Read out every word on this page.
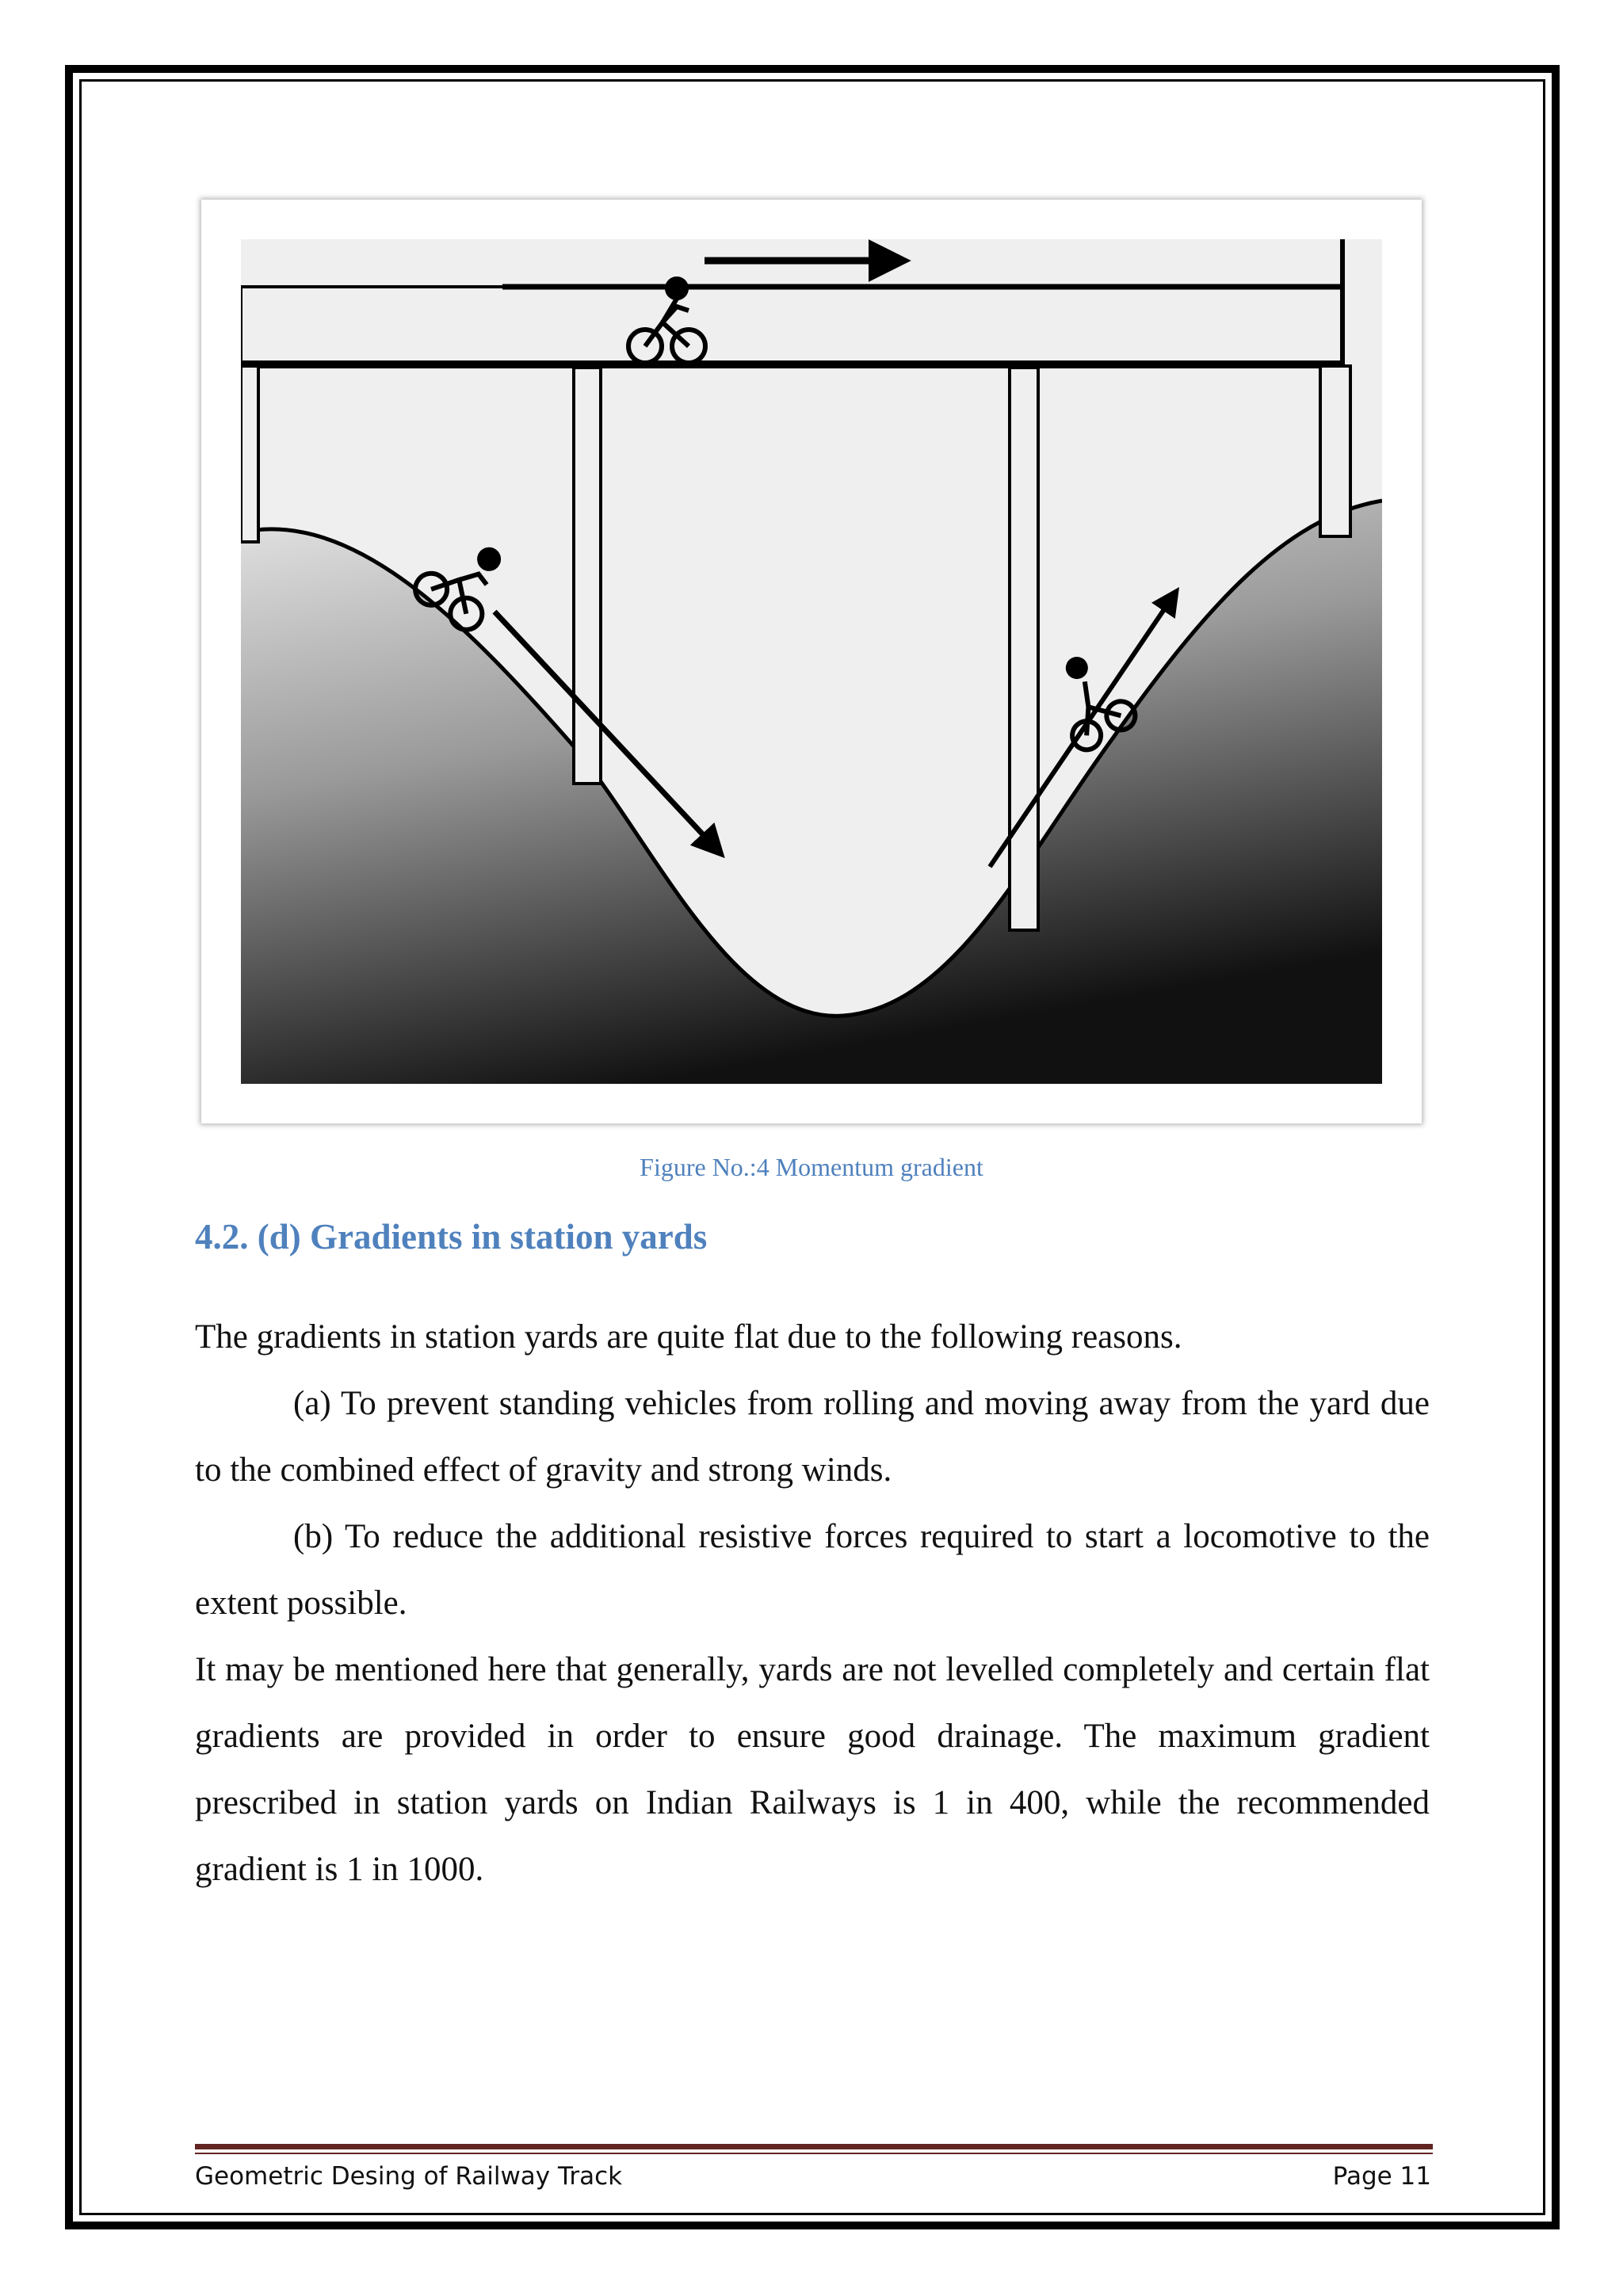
Figure No.:4 Momentum gradient
4.2. (d) Gradients in station yards

The gradients in station yards are quite flat due to the following reasons.

(a) To prevent standing vehicles from rolling and moving away from the yard due to the combined effect of gravity and strong winds.

(b) To reduce the additional resistive forces required to start a locomotive to the extent possible.

It may be mentioned here that generally, yards are not levelled completely and certain flat gradients are provided in order to ensure good drainage. The maximum gradient prescribed in station yards on Indian Railways is 1 in 400, while the recommended gradient is 1 in 1000.

Geometric Desing of Railway Track	Page 11
